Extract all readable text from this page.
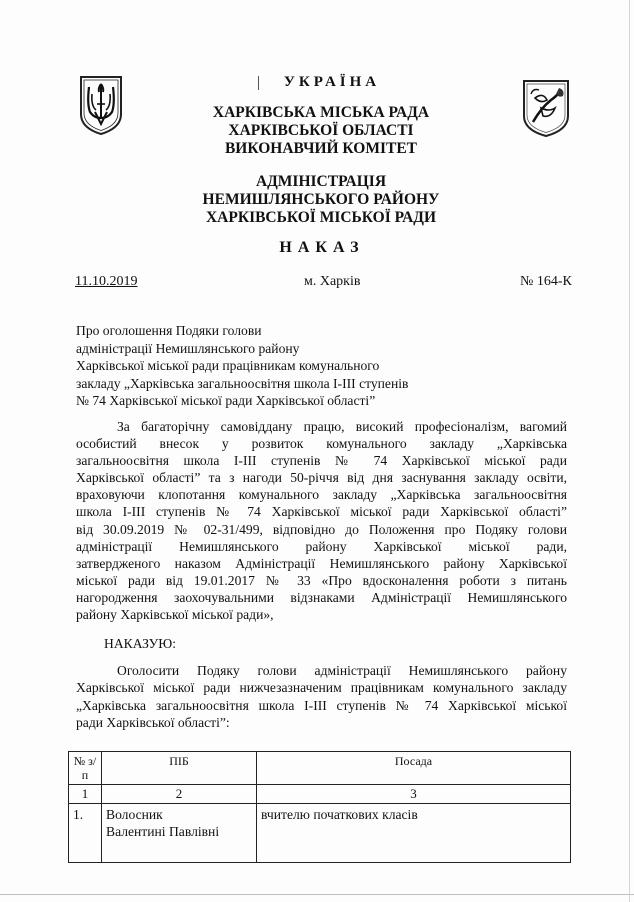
УКРАЇНА
ХАРКІВСЬКА МІСЬКА РАДА
ХАРКІВСЬКОЇ ОБЛАСТІ
ВИКОНАВЧИЙ КОМІТЕТ
АДМІНІСТРАЦІЯ
НЕМИШЛЯНСЬКОГО РАЙОНУ
ХАРКІВСЬКОЇ МІСЬКОЇ РАДИ
НАКАЗ
11.10.2019	м. Харків	№ 164-К
Про оголошення Подяки голови
адміністрації Немишлянського району
Харківської міської ради працівникам комунального
закладу „Харківська загальноосвітня школа І-ІІІ ступенів
№ 74 Харківської міської ради Харківської області”
За багаторічну самовіддану працю, високий професіоналізм, вагомий
особистий внесок у розвиток комунального закладу „Харківська
загальноосвітня школа І-ІІІ ступенів № 74 Харківської міської ради
Харківської області” та з нагоди 50-річчя від дня заснування закладу освіти,
враховуючи клопотання комунального закладу „Харківська загальноосвітня
школа І-ІІІ ступенів № 74 Харківської міської ради Харківської області”
від 30.09.2019 № 02-31/499, відповідно до Положення про Подяку голови
адміністрації Немишлянського району Харківської міської ради,
затвердженого наказом Адміністрації Немишлянського району Харківської
міської ради від 19.01.2017 № 33 «Про вдосконалення роботи з питань
нагородження заохочувальними відзнаками Адміністрації Немишлянського
району Харківської міської ради»,
НАКАЗУЮ:
Оголосити Подяку голови адміністрації Немишлянського району
Харківської міської ради нижчезазначеним працівникам комунального закладу
„Харківська загальноосвітня школа І-ІІІ ступенів № 74 Харківської міської
ради Харківської області”:
№ з/п	ПІБ	Посада
1	2	3
1.	Волосник
Валентині Павлівні	вчителю початкових класів
